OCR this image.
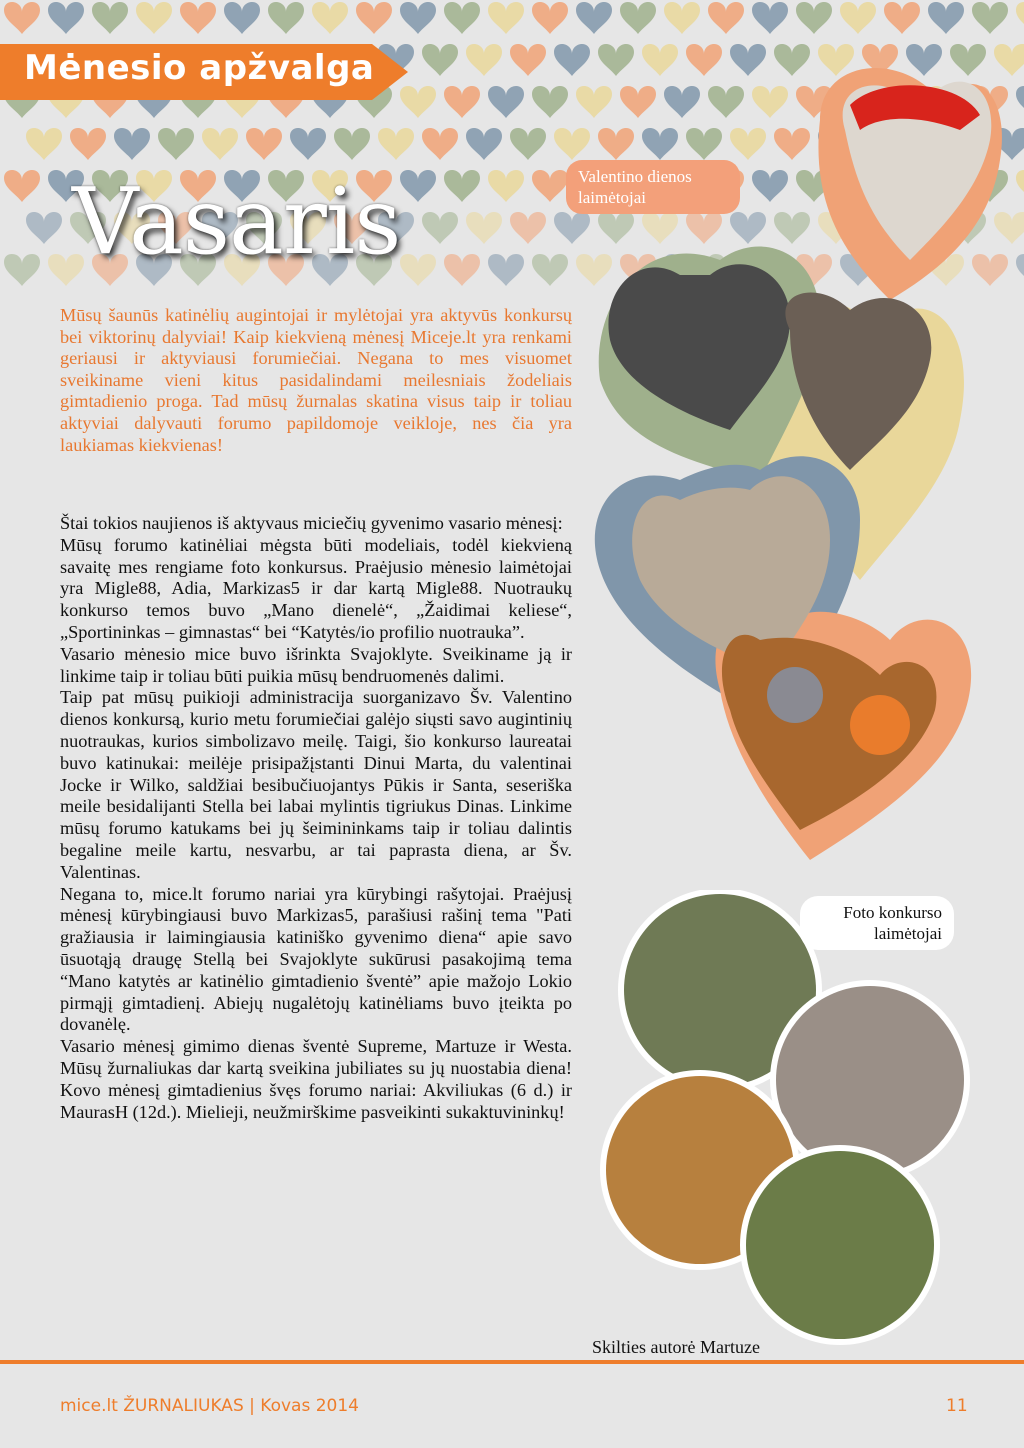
Mėnesio apžvalga
Vasaris

Mūsų šaunūs katinėlių augintojai ir mylėtojai yra aktyvūs konkursų bei viktorinų dalyviai! Kaip kiekvieną mėnesį Miceje.lt yra renkami geriausi ir aktyviausi forumiečiai. Negana to mes visuomet sveikiname vieni kitus pasidalindami meilesniais žodeliais gimtadienio proga. Tad mūsų žurnalas skatina visus taip ir toliau aktyviai dalyvauti forumo papildomoje veikloje, nes čia yra laukiamas kiekvienas!

Štai tokios naujienos iš aktyvaus miciečių gyvenimo vasario mėnesį:

Mūsų forumo katinėliai mėgsta būti modeliais, todėl kiekvieną savaitę mes rengiame foto konkursus. Praėjusio mėnesio laimėtojai yra Migle88, Adia, Markizas5 ir dar kartą Migle88. Nuotraukų konkurso temos buvo „Mano dienelė“, „Žaidimai keliese“, „Sportininkas – gimnastas“ bei “Katytės/io profilio nuotrauka”.

Vasario mėnesio mice buvo išrinkta Svajoklyte. Sveikiname ją ir linkime taip ir toliau būti puikia mūsų bendruomenės dalimi.

Taip pat mūsų puikioji administracija suorganizavo Šv. Valentino dienos konkursą, kurio metu forumiečiai galėjo siųsti savo augintinių nuotraukas, kurios simbolizavo meilę. Taigi, šio konkurso laureatai buvo katinukai: meilėje prisipažįstanti Dinui Marta, du valentinai Jocke ir Wilko, saldžiai besibučiuojantys Pūkis ir Santa, seseriška meile besidalijanti Stella bei labai mylintis tigriukus Dinas. Linkime mūsų forumo katukams bei jų šeimininkams taip ir toliau dalintis begaline meile kartu, nesvarbu, ar tai paprasta diena, ar Šv. Valentinas.

Negana to, mice.lt forumo nariai yra kūrybingi rašytojai. Praėjusį mėnesį kūrybingiausi buvo Markizas5, parašiusi rašinį tema "Pati gražiausia ir laimingiausia katiniško gyvenimo diena“ apie savo ūsuotąją draugę Stellą bei Svajoklyte sukūrusi pasakojimą tema “Mano katytės ar katinėlio gimtadienio šventė” apie mažojo Lokio pirmąjį gimtadienį. Abiejų nugalėtojų katinėliams buvo įteikta po dovanėlę.

Vasario mėnesį gimimo dienas šventė Supreme, Martuze ir Westa. Mūsų žurnaliukas dar kartą sveikina jubiliates su jų nuostabia diena! Kovo mėnesį gimtadienius švęs forumo nariai: Akviliukas (6 d.) ir MaurasH (12d.). Mielieji, neužmirškime pasveikinti sukaktuvininkų!

Valentino dienos laimėtojai
Foto konkurso laimėtojai
Skilties autorė Martuze
mice.lt ŽURNALIUKAS | Kovas 2014	11
